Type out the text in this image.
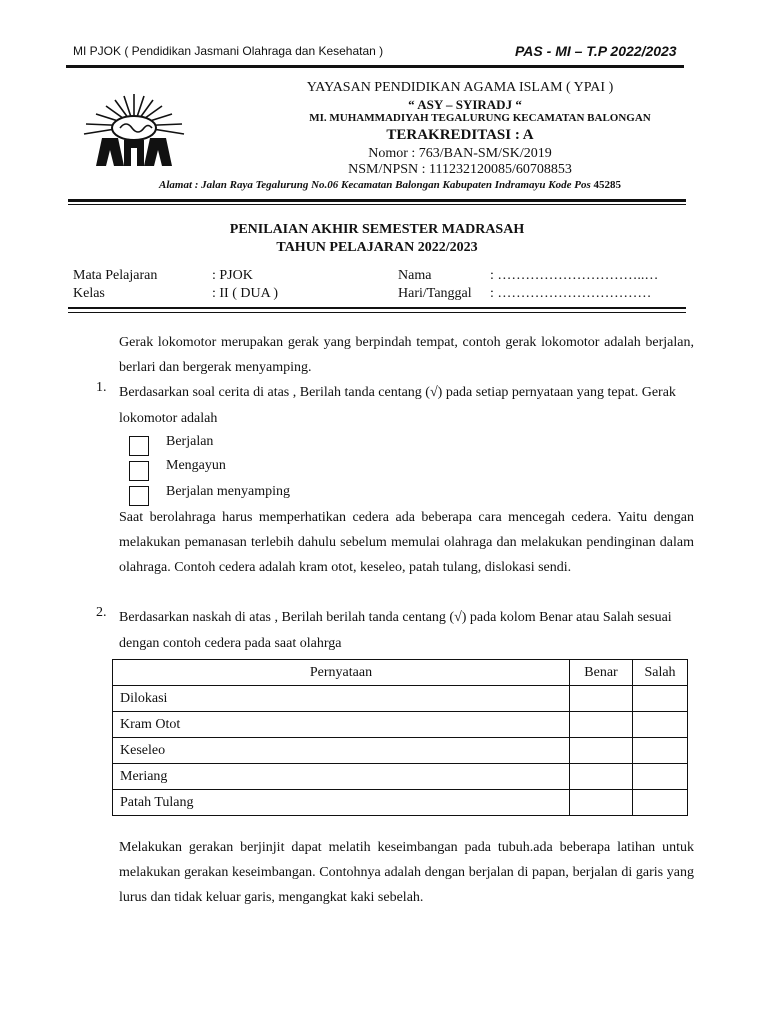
MI PJOK ( Pendidikan Jasmani Olahraga dan Kesehatan )	PAS - MI – T.P 2022/2023
YAYASAN PENDIDIKAN AGAMA ISLAM ( YPAI )
“ ASY – SYIRADJ “
MI. MUHAMMADIYAH TEGALURUNG KECAMATAN BALONGAN
TERAKREDITASI : A
Nomor : 763/BAN-SM/SK/2019
NSM/NPSN : 111232120085/60708853
Alamat : Jalan Raya Tegalurung No.06 Kecamatan Balongan Kabupaten Indramayu Kode Pos 45285
PENILAIAN AKHIR SEMESTER MADRASAH
TAHUN PELAJARAN 2022/2023
Mata Pelajaran	: PJOK
Kelas	: II ( DUA )
Nama	: …………………………..…
Hari/Tanggal : ……………………………
Gerak lokomotor merupakan gerak yang berpindah tempat, contoh gerak lokomotor adalah berjalan, berlari dan bergerak menyamping.
1. Berdasarkan soal cerita di atas , Berilah tanda centang (√) pada setiap pernyataan yang tepat. Gerak lokomotor adalah
Berjalan
Mengayun
Berjalan menyamping
Saat berolahraga harus memperhatikan cedera ada beberapa cara mencegah cedera. Yaitu dengan melakukan pemanasan terlebih dahulu sebelum memulai olahraga dan melakukan pendinginan dalam olahraga. Contoh cedera adalah kram otot, keseleo, patah tulang, dislokasi sendi.
2. Berdasarkan naskah di atas , Berilah berilah tanda centang (√) pada kolom Benar atau Salah sesuai dengan contoh cedera pada saat olahrga
Pernyataan	Benar	Salah
Dilokasi		
Kram Otot		
Keseleo		
Meriang		
Patah Tulang		
Melakukan gerakan berjinjit dapat melatih keseimbangan pada tubuh.ada beberapa latihan untuk melakukan gerakan keseimbangan. Contohnya adalah dengan berjalan di papan, berjalan di garis yang lurus dan tidak keluar garis, mengangkat kaki sebelah.
